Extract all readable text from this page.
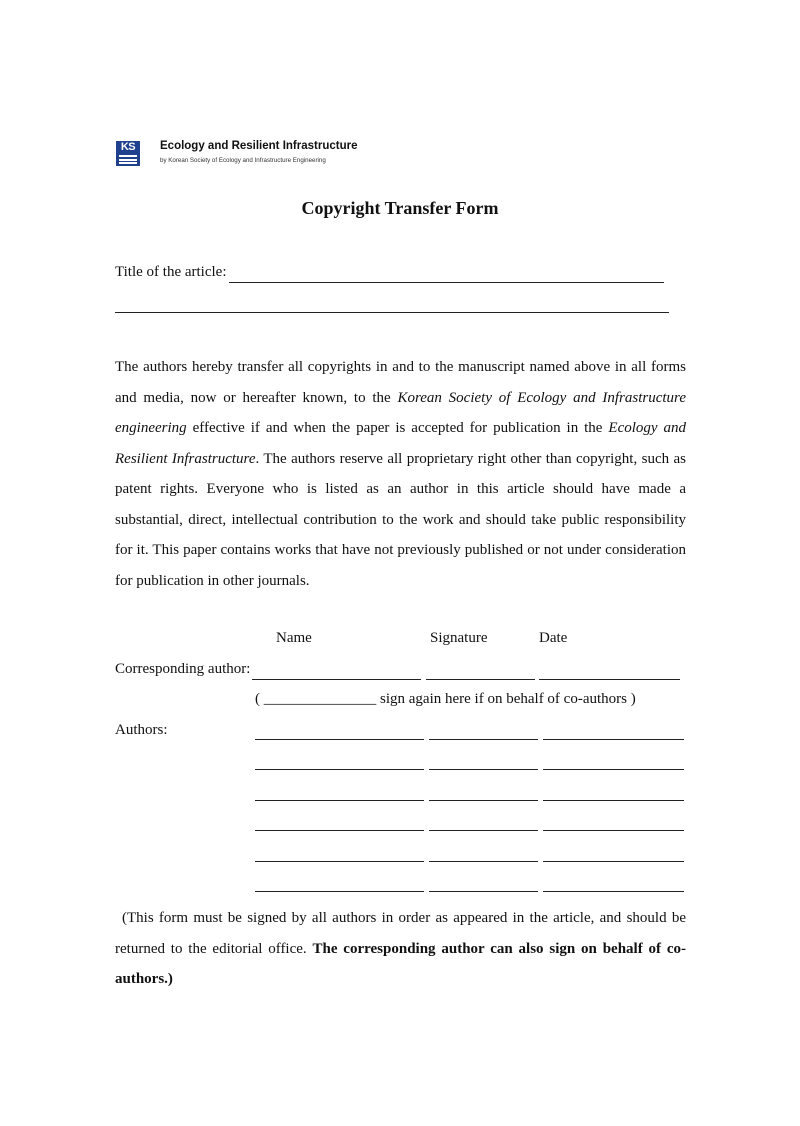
KS	Ecology and Resilient Infrastructure
by Korean Society of Ecology and Infrastructure Engineering
Copyright Transfer Form
Title of the article:
The authors hereby transfer all copyrights in and to the manuscript named above in all forms and media, now or hereafter known, to the Korean Society of Ecology and Infrastructure engineering effective if and when the paper is accepted for publication in the Ecology and Resilient Infrastructure. The authors reserve all proprietary right other than copyright, such as patent rights. Everyone who is listed as an author in this article should have made a substantial, direct, intellectual contribution to the work and should take public responsibility for it. This paper contains works that have not previously published or not under consideration for publication in other journals.
Name	Signature	Date
Corresponding author:
( _______________ sign again here if on behalf of co-authors )
Authors:
(This form must be signed by all authors in order as appeared in the article, and should be returned to the editorial office. The corresponding author can also sign on behalf of co-authors.)
